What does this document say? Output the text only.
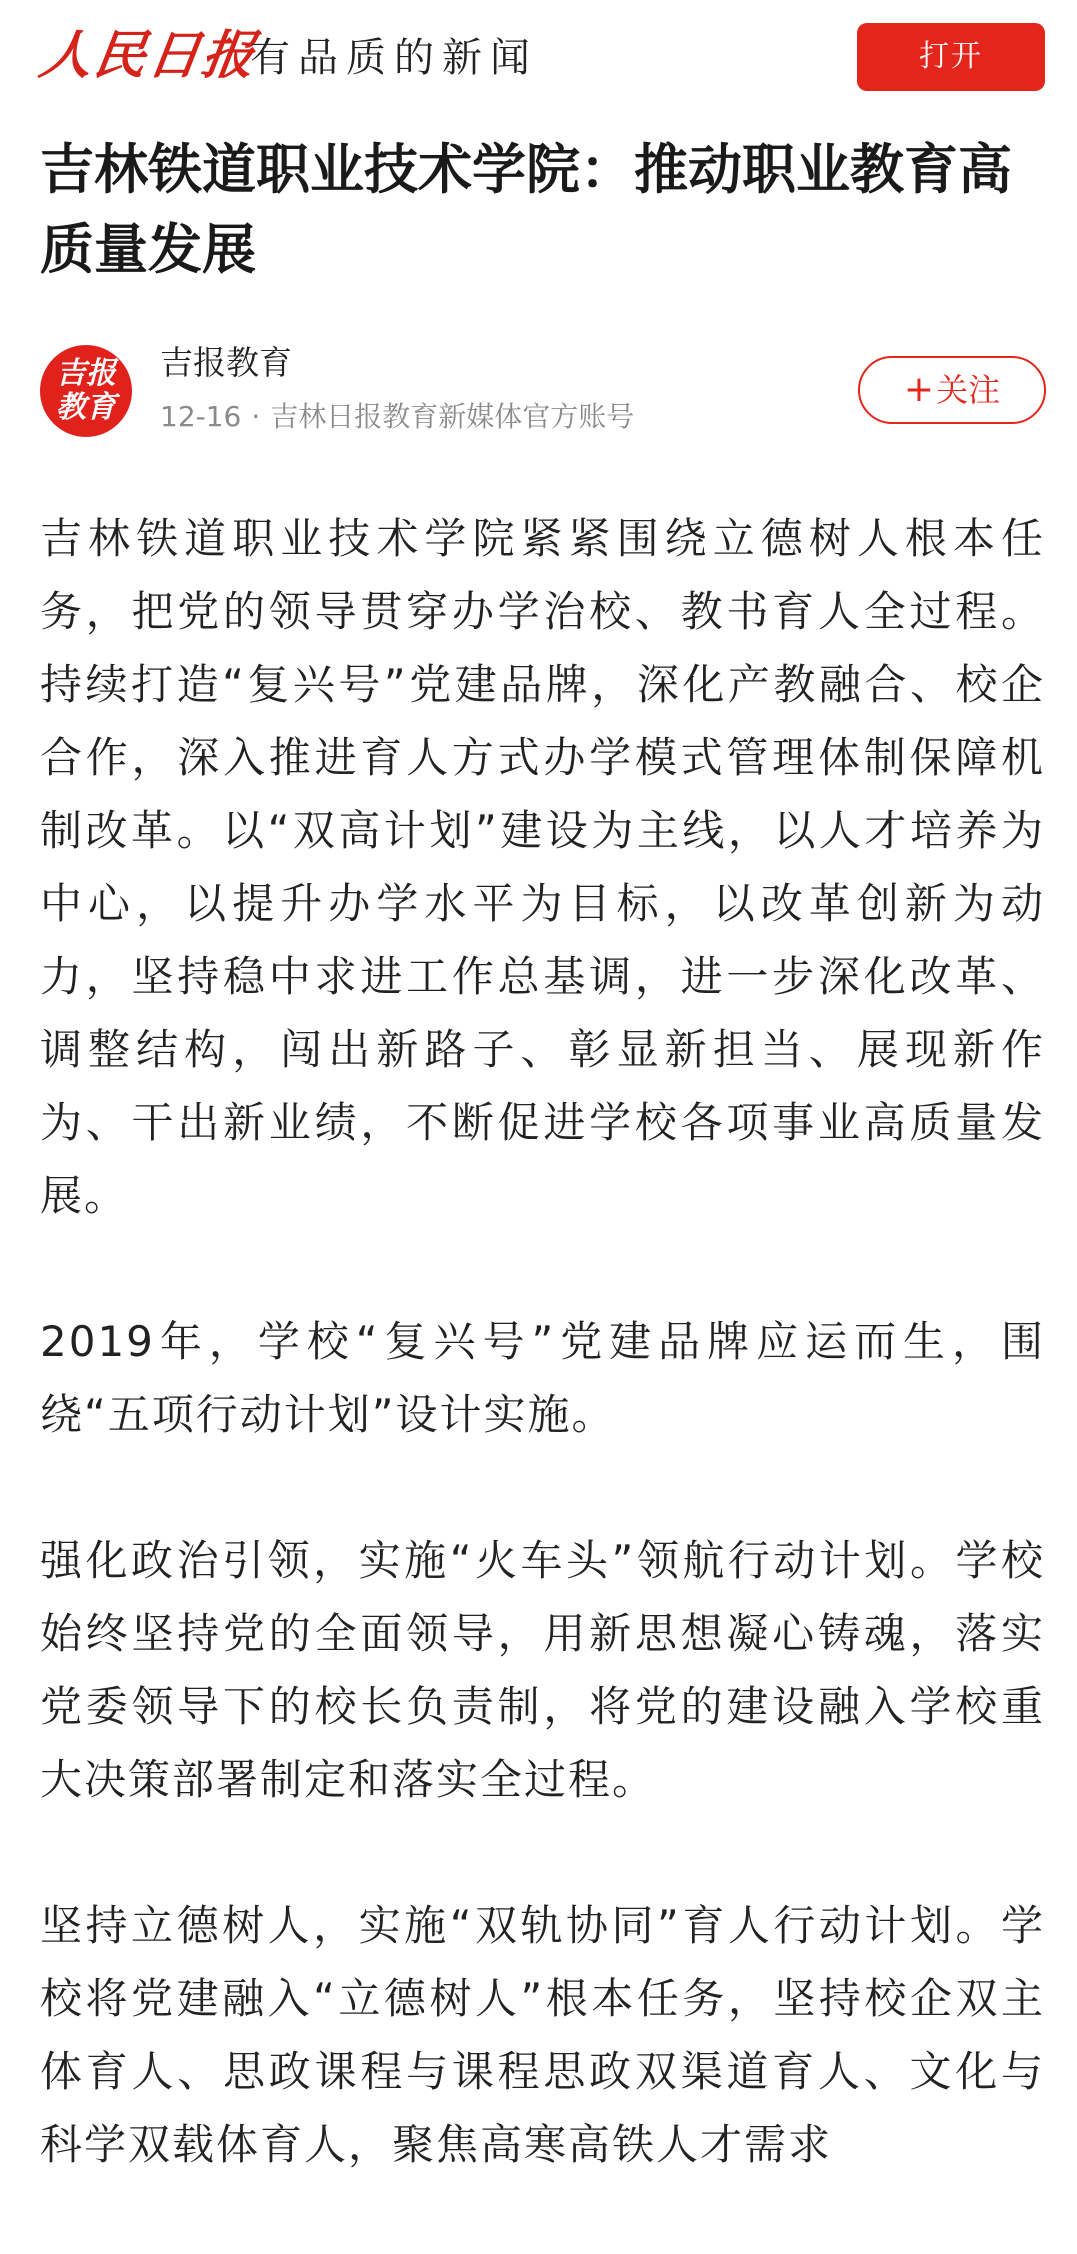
人民日报
有品质的新闻	打开
吉林铁道职业技术学院：推动职业教育高质量发展
吉报
教育
吉报教育
12-16 · 吉林日报教育新媒体官方账号
+关注

吉林铁道职业技术学院紧紧围绕立德树人根本任务，把党的领导贯穿办学治校、教书育人全过程。持续打造“复兴号”党建品牌，深化产教融合、校企合作，深入推进育人方式办学模式管理体制保障机制改革。以“双高计划”建设为主线，以人才培养为中心，以提升办学水平为目标，以改革创新为动力，坚持稳中求进工作总基调，进一步深化改革、调整结构，闯出新路子、彰显新担当、展现新作为、干出新业绩，不断促进学校各项事业高质量发展。

2019年，学校“复兴号”党建品牌应运而生，围绕“五项行动计划”设计实施。

强化政治引领，实施“火车头”领航行动计划。学校始终坚持党的全面领导，用新思想凝心铸魂，落实党委领导下的校长负责制，将党的建设融入学校重大决策部署制定和落实全过程。

坚持立德树人，实施“双轨协同”育人行动计划。学校将党建融入“立德树人”根本任务，坚持校企双主体育人、思政课程与课程思政双渠道育人、文化与科学双载体育人，聚焦高寒高铁人才需求
